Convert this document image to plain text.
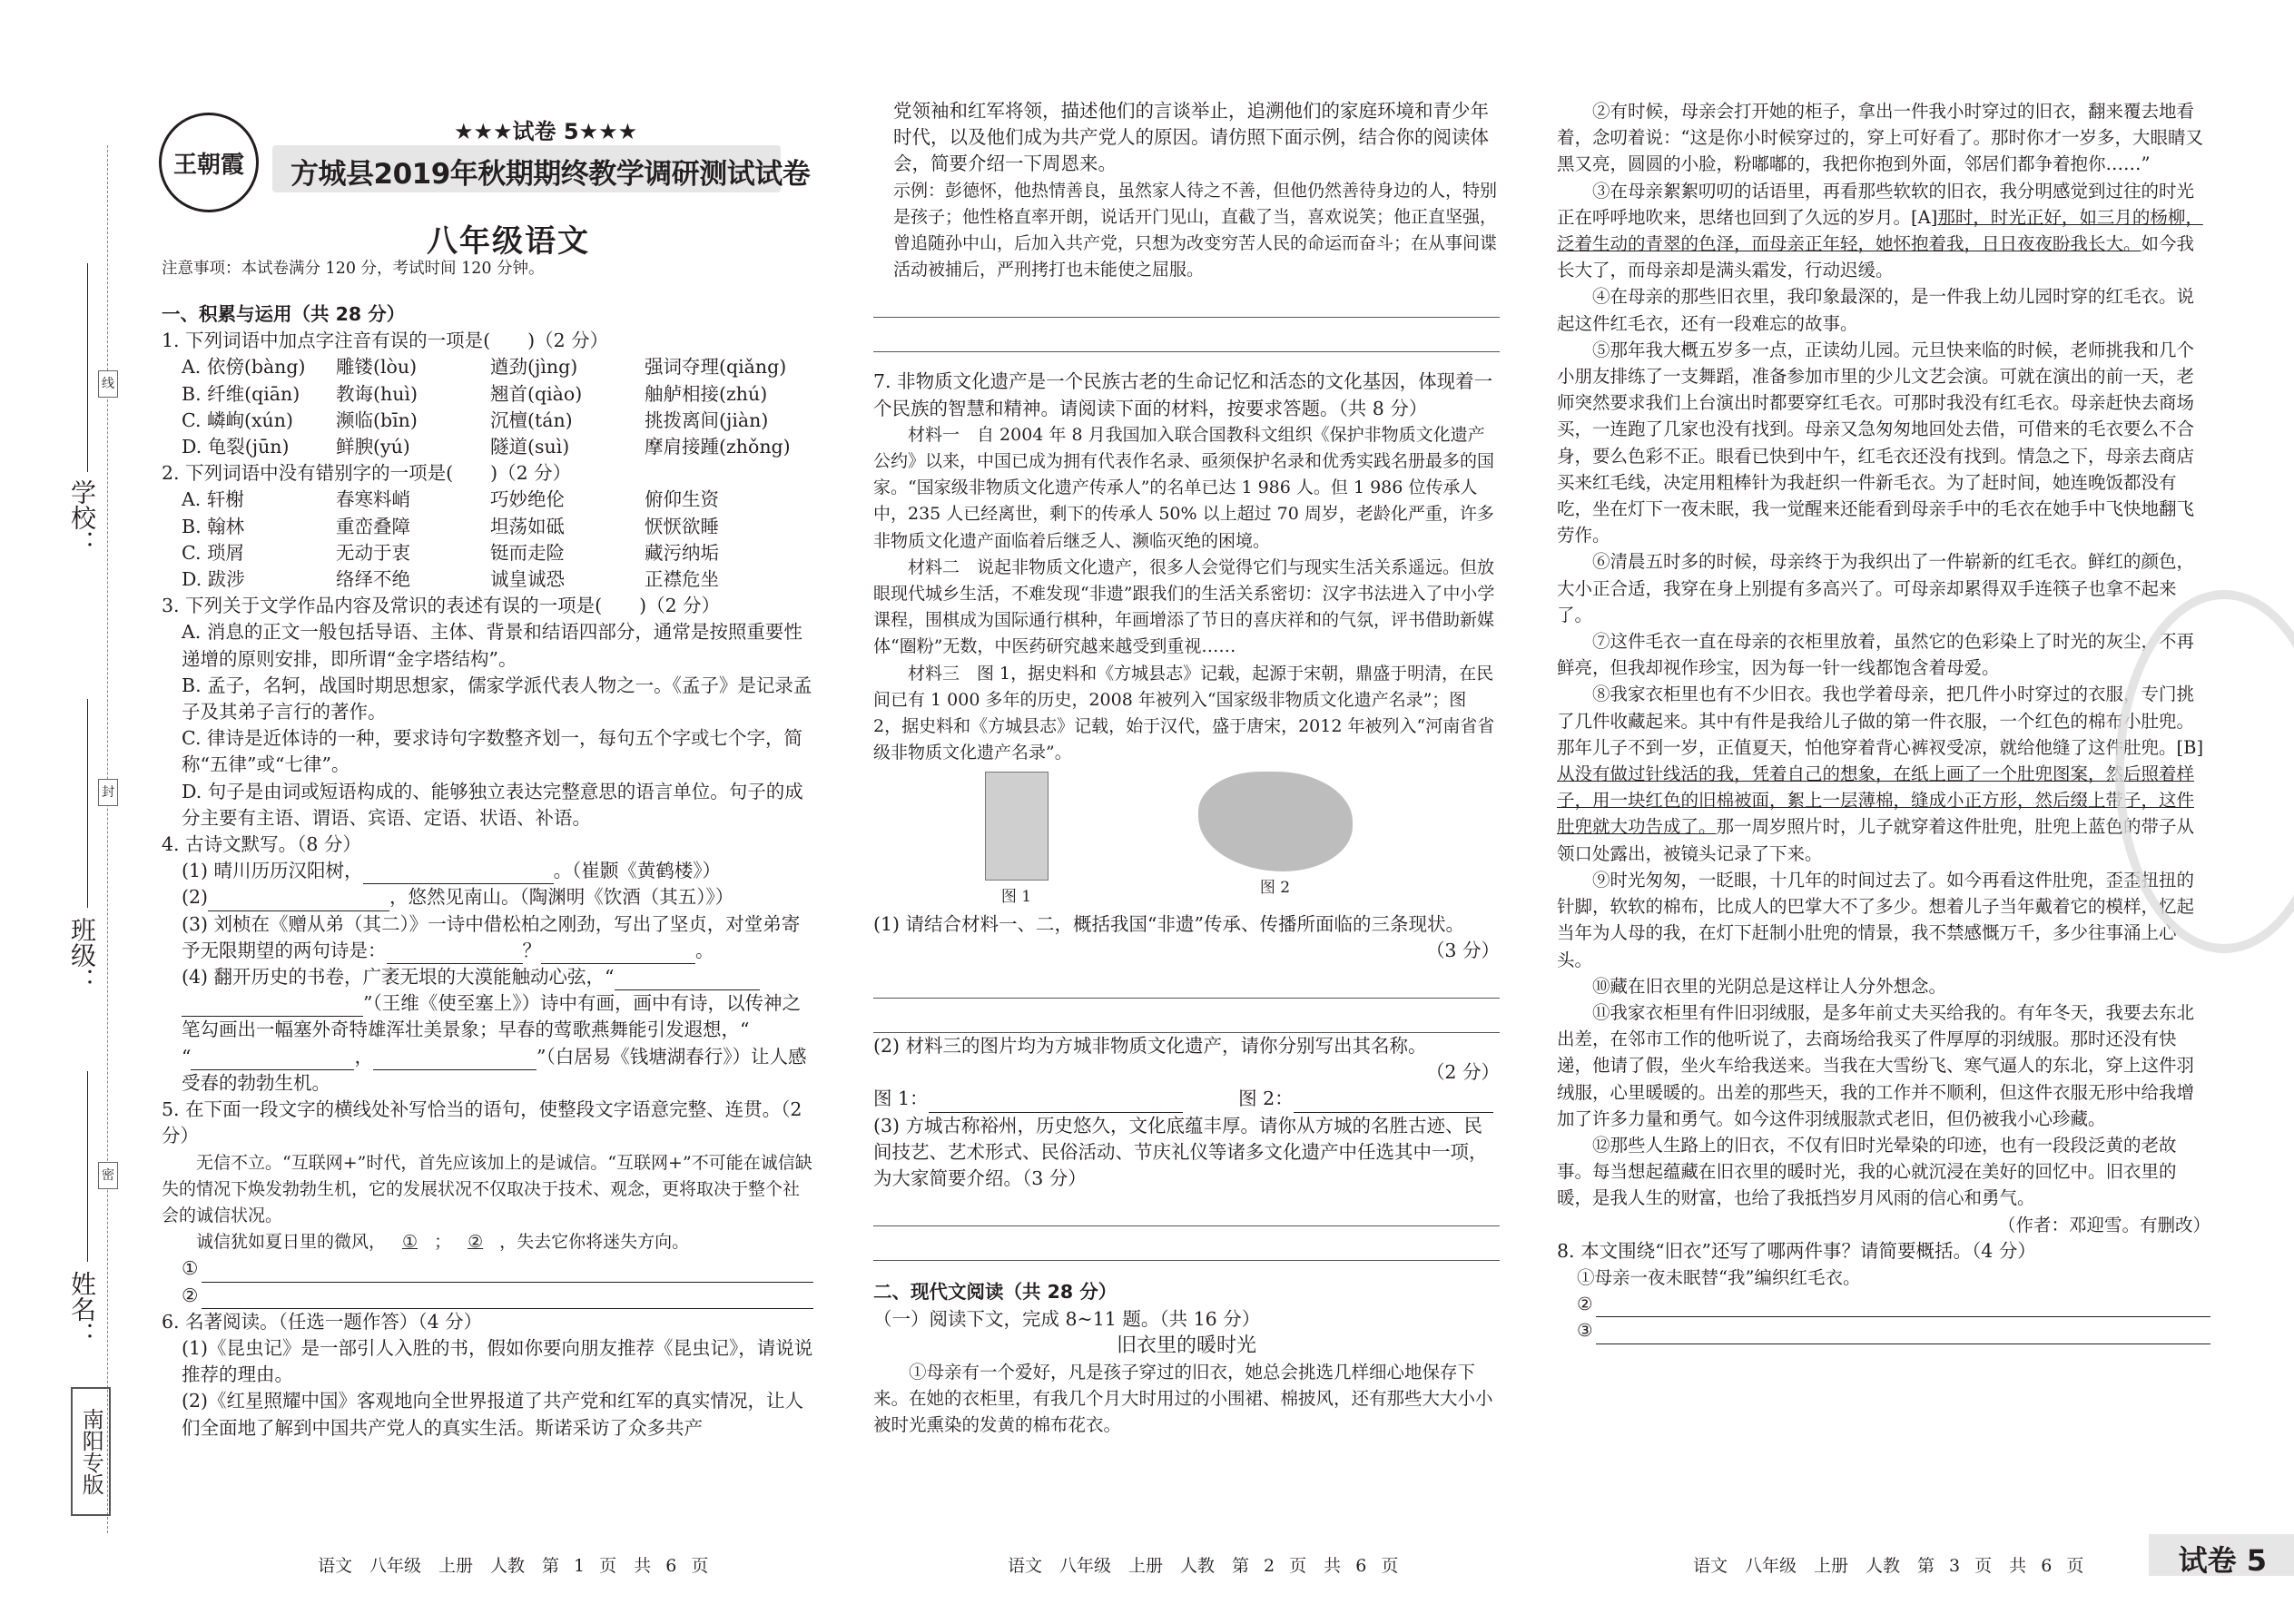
线
封
密
学校：
班级：
姓名：
南阳专版
王朝霞
★★★试卷 5★★★
方城县2019年秋期期终教学调研测试试卷
八年级语文
注意事项：本试卷满分 120 分，考试时间 120 分钟。
一、积累与运用（共 28 分）
1. 下列词语中加点字注音有误的一项是(　　)（2 分）
A. 依傍(bàng)	雕镂(lòu)	遒劲(jìng)	强词夺理(qiǎng)
B. 纤维(qiān)	教诲(huì)	翘首(qiào)	舳舻相接(zhú)
C. 嶙峋(xún)	濒临(bīn)	沉檀(tán)	挑拨离间(jiàn)
D. 龟裂(jūn)	鲜腴(yú)	隧道(suì)	摩肩接踵(zhǒng)
2. 下列词语中没有错别字的一项是(　　)（2 分）
A. 轩榭	春寒料峭	巧妙绝伦	俯仰生资
B. 翰林	重峦叠障	坦荡如砥	恹恹欲睡
C. 琐屑	无动于衷	铤而走险	藏污纳垢
D. 跋涉	络绎不绝	诚皇诚恐	正襟危坐
3. 下列关于文学作品内容及常识的表述有误的一项是(　　)（2 分）
A. 消息的正文一般包括导语、主体、背景和结语四部分，通常是按照重要性递增的原则安排，即所谓“金字塔结构”。
B. 孟子，名轲，战国时期思想家，儒家学派代表人物之一。《孟子》是记录孟子及其弟子言行的著作。
C. 律诗是近体诗的一种，要求诗句字数整齐划一，每句五个字或七个字，简称“五律”或“七律”。
D. 句子是由词或短语构成的、能够独立表达完整意思的语言单位。句子的成分主要有主语、谓语、宾语、定语、状语、补语。
4. 古诗文默写。（8 分）
(1) 晴川历历汉阳树，	。（崔颢《黄鹤楼》）
(2)	，悠然见南山。（陶渊明《饮酒（其五）》）
(3) 刘桢在《赠从弟（其二）》一诗中借松柏之刚劲，写出了坚贞，对堂弟寄予无限期望的两句诗是：	？	。
(4) 翻开历史的书卷，广袤无垠的大漠能触动心弦，“
”（王维《使至塞上》）诗中有画，画中有诗，以传神之笔勾画出一幅塞外奇特雄浑壮美景象；早春的莺歌燕舞能引发遐想，“
“	，	”（白居易《钱塘湖春行》）让人感受春的勃勃生机。
5. 在下面一段文字的横线处补写恰当的语句，使整段文字语意完整、连贯。（2 分）
无信不立。“互联网+”时代，首先应该加上的是诚信。“互联网+”不可能在诚信缺失的情况下焕发勃勃生机，它的发展状况不仅取决于技术、观念，更将取决于整个社会的诚信状况。
诚信犹如夏日里的微风， ① ； ② ，失去它你将迷失方向。
①
②
6. 名著阅读。（任选一题作答）（4 分）
(1)《昆虫记》是一部引人入胜的书，假如你要向朋友推荐《昆虫记》，请说说推荐的理由。
(2)《红星照耀中国》客观地向全世界报道了共产党和红军的真实情况，让人们全面地了解到中国共产党人的真实生活。斯诺采访了众多共产
党领袖和红军将领，描述他们的言谈举止，追溯他们的家庭环境和青少年时代，以及他们成为共产党人的原因。请仿照下面示例，结合你的阅读体会，简要介绍一下周恩来。
示例：彭德怀，他热情善良，虽然家人待之不善，但他仍然善待身边的人，特别是孩子；他性格直率开朗，说话开门见山，直截了当，喜欢说笑；他正直坚强，曾追随孙中山，后加入共产党，只想为改变穷苦人民的命运而奋斗；在从事间谍活动被捕后，严刑拷打也未能使之屈服。
7. 非物质文化遗产是一个民族古老的生命记忆和活态的文化基因，体现着一个民族的智慧和精神。请阅读下面的材料，按要求答题。（共 8 分）
材料一　自 2004 年 8 月我国加入联合国教科文组织《保护非物质文化遗产公约》以来，中国已成为拥有代表作名录、亟须保护名录和优秀实践名册最多的国家。“国家级非物质文化遗产传承人”的名单已达 1 986 人。但 1 986 位传承人中，235 人已经离世，剩下的传承人 50% 以上超过 70 周岁，老龄化严重，许多非物质文化遗产面临着后继乏人、濒临灭绝的困境。
材料二　说起非物质文化遗产，很多人会觉得它们与现实生活关系遥远。但放眼现代城乡生活，不难发现“非遗”跟我们的生活关系密切：汉字书法进入了中小学课程，围棋成为国际通行棋种，年画增添了节日的喜庆祥和的气氛，评书借助新媒体“圈粉”无数，中医药研究越来越受到重视……
材料三　图 1，据史料和《方城县志》记载，起源于宋朝，鼎盛于明清，在民间已有 1 000 多年的历史，2008 年被列入“国家级非物质文化遗产名录”；图 2，据史料和《方城县志》记载，始于汉代，盛于唐宋，2012 年被列入“河南省省级非物质文化遗产名录”。
图 1	图 2
(1) 请结合材料一、二，概括我国“非遗”传承、传播所面临的三条现状。
（3 分）
(2) 材料三的图片均为方城非物质文化遗产，请你分别写出其名称。
（2 分）
图 1：　　　	图 2：
(3) 方城古称裕州，历史悠久，文化底蕴丰厚。请你从方城的名胜古迹、民间技艺、艺术形式、民俗活动、节庆礼仪等诸多文化遗产中任选其中一项，为大家简要介绍。（3 分）
二、现代文阅读（共 28 分）
（一）阅读下文，完成 8~11 题。（共 16 分）
旧衣里的暖时光
①母亲有一个爱好，凡是孩子穿过的旧衣，她总会挑选几样细心地保存下来。在她的衣柜里，有我几个月大时用过的小围裙、棉披风，还有那些大大小小被时光熏染的发黄的棉布花衣。
②有时候，母亲会打开她的柜子，拿出一件我小时穿过的旧衣，翻来覆去地看着，念叨着说：“这是你小时候穿过的，穿上可好看了。那时你才一岁多，大眼睛又黑又亮，圆圆的小脸，粉嘟嘟的，我把你抱到外面，邻居们都争着抱你……”
③在母亲絮絮叨叨的话语里，再看那些软软的旧衣，我分明感觉到过往的时光正在呼呼地吹来，思绪也回到了久远的岁月。[A]那时，时光正好，如三月的杨柳，泛着生动的青翠的色泽，而母亲正年轻，她怀抱着我，日日夜夜盼我长大。如今我长大了，而母亲却是满头霜发，行动迟缓。
④在母亲的那些旧衣里，我印象最深的，是一件我上幼儿园时穿的红毛衣。说起这件红毛衣，还有一段难忘的故事。
⑤那年我大概五岁多一点，正读幼儿园。元旦快来临的时候，老师挑我和几个小朋友排练了一支舞蹈，准备参加市里的少儿文艺会演。可就在演出的前一天，老师突然要求我们上台演出时都要穿红毛衣。可那时我没有红毛衣。母亲赶快去商场买，一连跑了几家也没有找到。母亲又急匆匆地回处去借，可借来的毛衣要么不合身，要么色彩不正。眼看已快到中午，红毛衣还没有找到。情急之下，母亲去商店买来红毛线，决定用粗棒针为我赶织一件新毛衣。为了赶时间，她连晚饭都没有吃，坐在灯下一夜未眠，我一觉醒来还能看到母亲手中的毛衣在她手中飞快地翻飞劳作。
⑥清晨五时多的时候，母亲终于为我织出了一件崭新的红毛衣。鲜红的颜色，大小正合适，我穿在身上别提有多高兴了。可母亲却累得双手连筷子也拿不起来了。
⑦这件毛衣一直在母亲的衣柜里放着，虽然它的色彩染上了时光的灰尘，不再鲜亮，但我却视作珍宝，因为每一针一线都饱含着母爱。
⑧我家衣柜里也有不少旧衣。我也学着母亲，把几件小时穿过的衣服，专门挑了几件收藏起来。其中有件是我给儿子做的第一件衣服，一个红色的棉布小肚兜。那年儿子不到一岁，正值夏天，怕他穿着背心裤衩受凉，就给他缝了这件肚兜。[B]从没有做过针线活的我，凭着自己的想象，在纸上画了一个肚兜图案，然后照着样子，用一块红色的旧棉被面，絮上一层薄棉，缝成小正方形，然后缀上带子，这件肚兜就大功告成了。那一周岁照片时，儿子就穿着这件肚兜，肚兜上蓝色的带子从领口处露出，被镜头记录了下来。
⑨时光匆匆，一眨眼，十几年的时间过去了。如今再看这件肚兜，歪歪扭扭的针脚，软软的棉布，比成人的巴掌大不了多少。想着儿子当年戴着它的模样，忆起当年为人母的我，在灯下赶制小肚兜的情景，我不禁感慨万千，多少往事涌上心头。
⑩藏在旧衣里的光阴总是这样让人分外想念。
⑪我家衣柜里有件旧羽绒服，是多年前丈夫买给我的。有年冬天，我要去东北出差，在邻市工作的他听说了，去商场给我买了件厚厚的羽绒服。那时还没有快递，他请了假，坐火车给我送来。当我在大雪纷飞、寒气逼人的东北，穿上这件羽绒服，心里暖暖的。出差的那些天，我的工作并不顺利，但这件衣服无形中给我增加了许多力量和勇气。如今这件羽绒服款式老旧，但仍被我小心珍藏。
⑫那些人生路上的旧衣，不仅有旧时光晕染的印迹，也有一段段泛黄的老故事。每当想起蕴藏在旧衣里的暖时光，我的心就沉浸在美好的回忆中。旧衣里的暖，是我人生的财富，也给了我抵挡岁月风雨的信心和勇气。
（作者：邓迎雪。有删改）
8. 本文围绕“旧衣”还写了哪两件事？请简要概括。（4 分）
①母亲一夜未眠替“我”编织红毛衣。
②
③
语文　八年级　上册　人教　第 1 页　共 6 页	语文　八年级　上册　人教　第 2 页　共 6 页	语文　八年级　上册　人教　第 3 页　共 6 页	试卷 5
